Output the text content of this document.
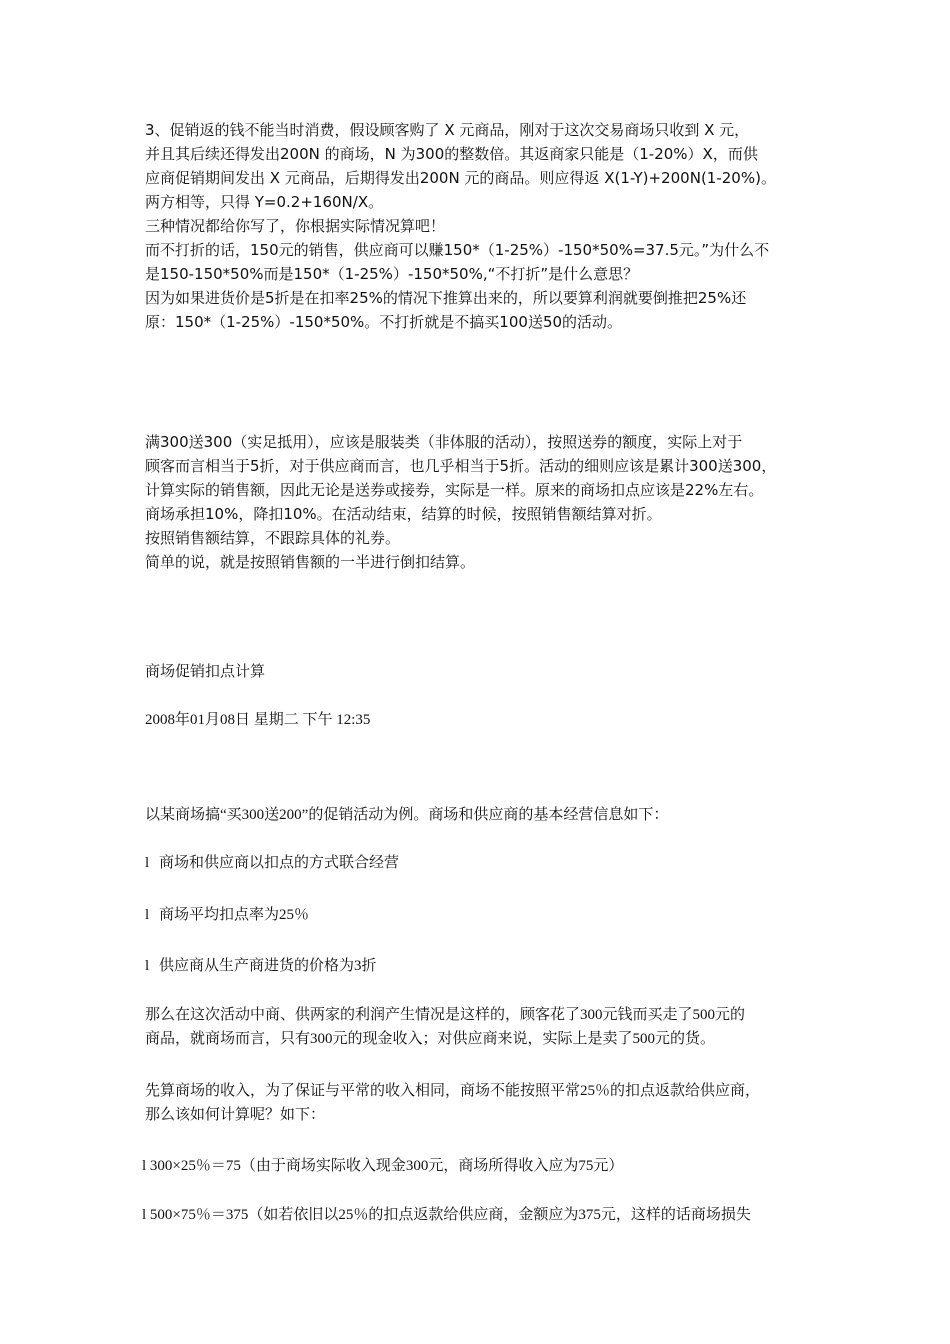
3、促销返的钱不能当时消费，假设顾客购了 X 元商品，刚对于这次交易商场只收到 X 元，
并且其后续还得发出200N 的商场，N 为300的整数倍。其返商家只能是（1-20%）X，而供
应商促销期间发出 X 元商品，后期得发出200N 元的商品。则应得返 X(1-Y)+200N(1-20%)。
两方相等，只得 Y=0.2+160N/X。
三种情况都给你写了，你根据实际情况算吧！
而不打折的话，150元的销售，供应商可以赚150*（1-25%）-150*50%=37.5元。”为什么不
是150-150*50%而是150*（1-25%）-150*50%,“不打折”是什么意思？
因为如果进货价是5折是在扣率25%的情况下推算出来的，所以要算利润就要倒推把25%还
原：150*（1-25%）-150*50%。不打折就是不搞买100送50的活动。
满300送300（实足抵用），应该是服装类（非体服的活动），按照送券的额度，实际上对于
顾客而言相当于5折，对于供应商而言，也几乎相当于5折。活动的细则应该是累计300送300，
计算实际的销售额，因此无论是送券或接券，实际是一样。原来的商场扣点应该是22%左右。
商场承担10%，降扣10%。在活动结束，结算的时候，按照销售额结算对折。
按照销售额结算，不跟踪具体的礼券。
简单的说，就是按照销售额的一半进行倒扣结算。
商场促销扣点计算
2008年01月08日 星期二 下午 12:35
以某商场搞“买300送200”的促销活动为例。商场和供应商的基本经营信息如下：
l 商场和供应商以扣点的方式联合经营
l 商场平均扣点率为25％
l 供应商从生产商进货的价格为3折
那么在这次活动中商、供两家的利润产生情况是这样的，顾客花了300元钱而买走了500元的
商品，就商场而言，只有300元的现金收入；对供应商来说，实际上是卖了500元的货。
先算商场的收入，为了保证与平常的收入相同，商场不能按照平常25％的扣点返款给供应商，
那么该如何计算呢？如下：
l 300×25％＝75（由于商场实际收入现金300元，商场所得收入应为75元）
l 500×75％＝375（如若依旧以25％的扣点返款给供应商，金额应为375元，这样的话商场损失
